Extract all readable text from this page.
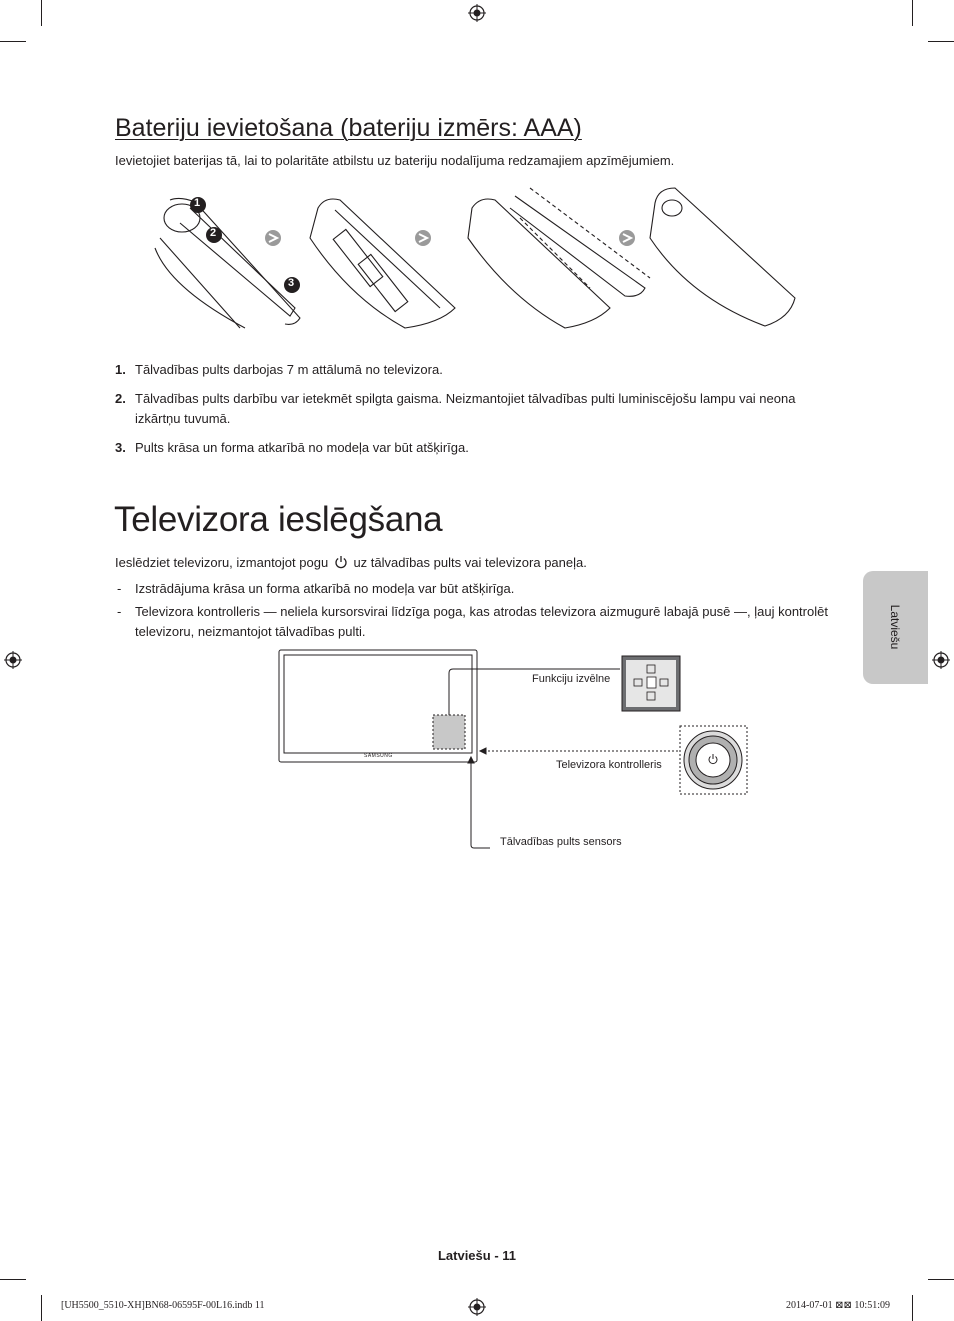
Bateriju ievietošana (bateriju izmērs: AAA)
Ievietojiet baterijas tā, lai to polaritāte atbilstu uz bateriju nodalījuma redzamajiem apzīmējumiem.
1
2
3
1. Tālvadības pults darbojas 7 m attālumā no televizora.
2. Tālvadības pults darbību var ietekmēt spilgta gaisma. Neizmantojiet tālvadības pulti luminiscējošu lampu vai neona izkārtņu tuvumā.
3. Pults krāsa un forma atkarībā no modeļa var būt atšķirīga.
Televizora ieslēgšana
Ieslēdziet televizoru, izmantojot pogu uz tālvadības pults vai televizora paneļa.
- Izstrādājuma krāsa un forma atkarībā no modeļa var būt atšķirīga.
- Televizora kontrolleris — neliela kursorsvirai līdzīga poga, kas atrodas televizora aizmugurē labajā pusē —, ļauj kontrolēt televizoru, neizmantojot tālvadības pulti.
SAMSUNG
Funkciju izvēlne
Televizora kontrolleris
Tālvadības pults sensors
Latviešu
Latviešu - 11
[UH5500_5510-XH]BN68-06595F-00L16.indb 11	2014-07-01 ⊠⊠ 10:51:09
